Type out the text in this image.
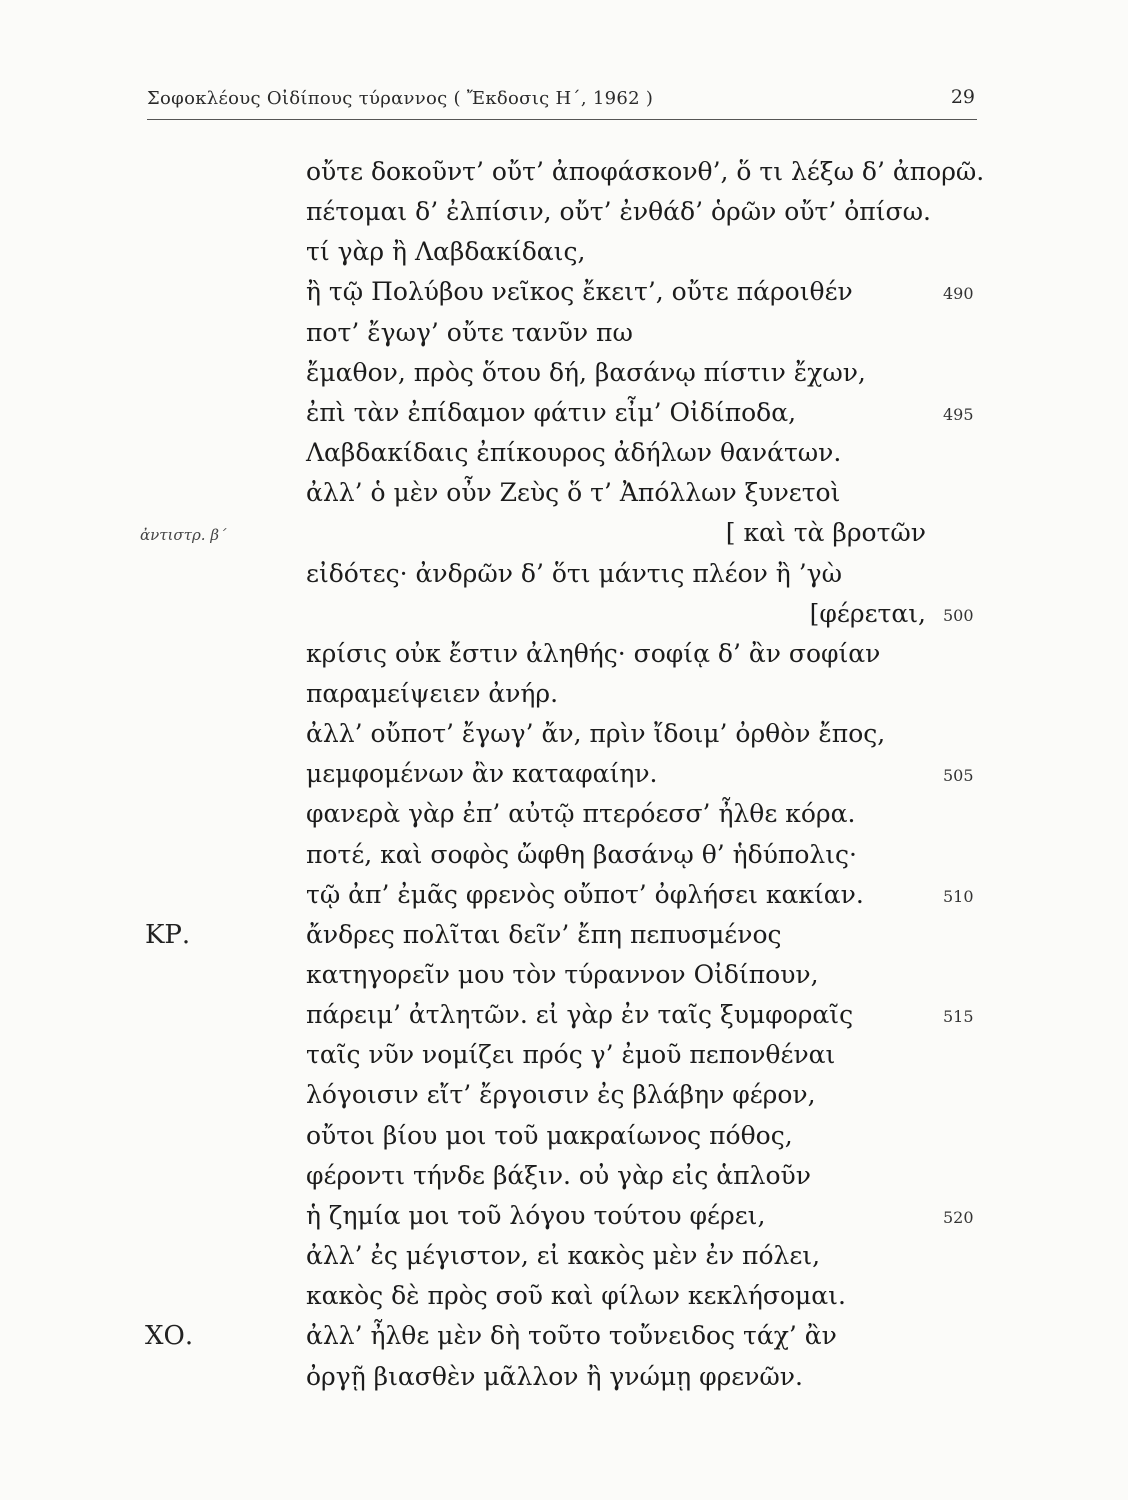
Σοφοκλέους Οἰδίπους τύραννος ( Ἔκδοσις Η΄, 1962 )	29
οὔτε δοκοῦντ’ οὔτ’ ἀποφάσκονθ’, ὅ τι λέξω δ’ ἀπορῶ.
πέτομαι δ’ ἐλπίσιν, οὔτ’ ἐνθάδ’ ὁρῶν οὔτ’ ὀπίσω.
τί γὰρ ἢ Λαβδακίδαις,
ἢ τῷ Πολύβου νεῖκος ἔκειτ’, οὔτε πάροιθέν	490
ποτ’ ἔγωγ’ οὔτε τανῦν πω
ἔμαθον, πρὸς ὅτου δή, βασάνῳ πίστιν ἔχων,
ἐπὶ τὰν ἐπίδαμον φάτιν εἶμ’ Οἰδίποδα,	495
Λαβδακίδαις ἐπίκουρος ἀδήλων θανάτων.
ἀλλ’ ὁ μὲν οὖν Ζεὺς ὅ τ’ Ἀπόλλων ξυνετοὶ
[ καὶ τὰ βροτῶν
ἀντιστρ. β΄
εἰδότες· ἀνδρῶν δ’ ὅτι μάντις πλέον ἢ ’γὼ
[φέρεται, 500
κρίσις οὐκ ἔστιν ἀληθής· σοφίᾳ δ’ ἂν σοφίαν
παραμείψειεν ἀνήρ.
ἀλλ’ οὔποτ’ ἔγωγ’ ἄν, πρὶν ἴδοιμ’ ὀρθὸν ἔπος,
μεμφομένων ἂν καταφαίην.	505
φανερὰ γὰρ ἐπ’ αὐτῷ πτερόεσσ’ ἦλθε κόρα.
ποτέ, καὶ σοφὸς ὤφθη βασάνῳ θ’ ἡδύπολις·
τῷ ἀπ’ ἐμᾶς φρενὸς οὔποτ’ ὀφλήσει κακίαν.	510
ἄνδρες πολῖται δεῖν’ ἔπη πεπυσμένος
ΚΡ.
κατηγορεῖν μου τὸν τύραννον Οἰδίπουν,
πάρειμ’ ἀτλητῶν. εἰ γὰρ ἐν ταῖς ξυμφοραῖς	515
ταῖς νῦν νομίζει πρός γ’ ἐμοῦ πεπονθέναι
λόγοισιν εἴτ’ ἔργοισιν ἐς βλάβην φέρον,
οὔτοι βίου μοι τοῦ μακραίωνος πόθος,
φέροντι τήνδε βάξιν. οὐ γὰρ εἰς ἁπλοῦν
ἡ ζημία μοι τοῦ λόγου τούτου φέρει,	520
ἀλλ’ ἐς μέγιστον, εἰ κακὸς μὲν ἐν πόλει,
κακὸς δὲ πρὸς σοῦ καὶ φίλων κεκλήσομαι.
ἀλλ’ ἦλθε μὲν δὴ τοῦτο τοὔνειδος τάχ’ ἂν
ΧΟ.
ὀργῇ βιασθὲν μᾶλλον ἢ γνώμῃ φρενῶν.
